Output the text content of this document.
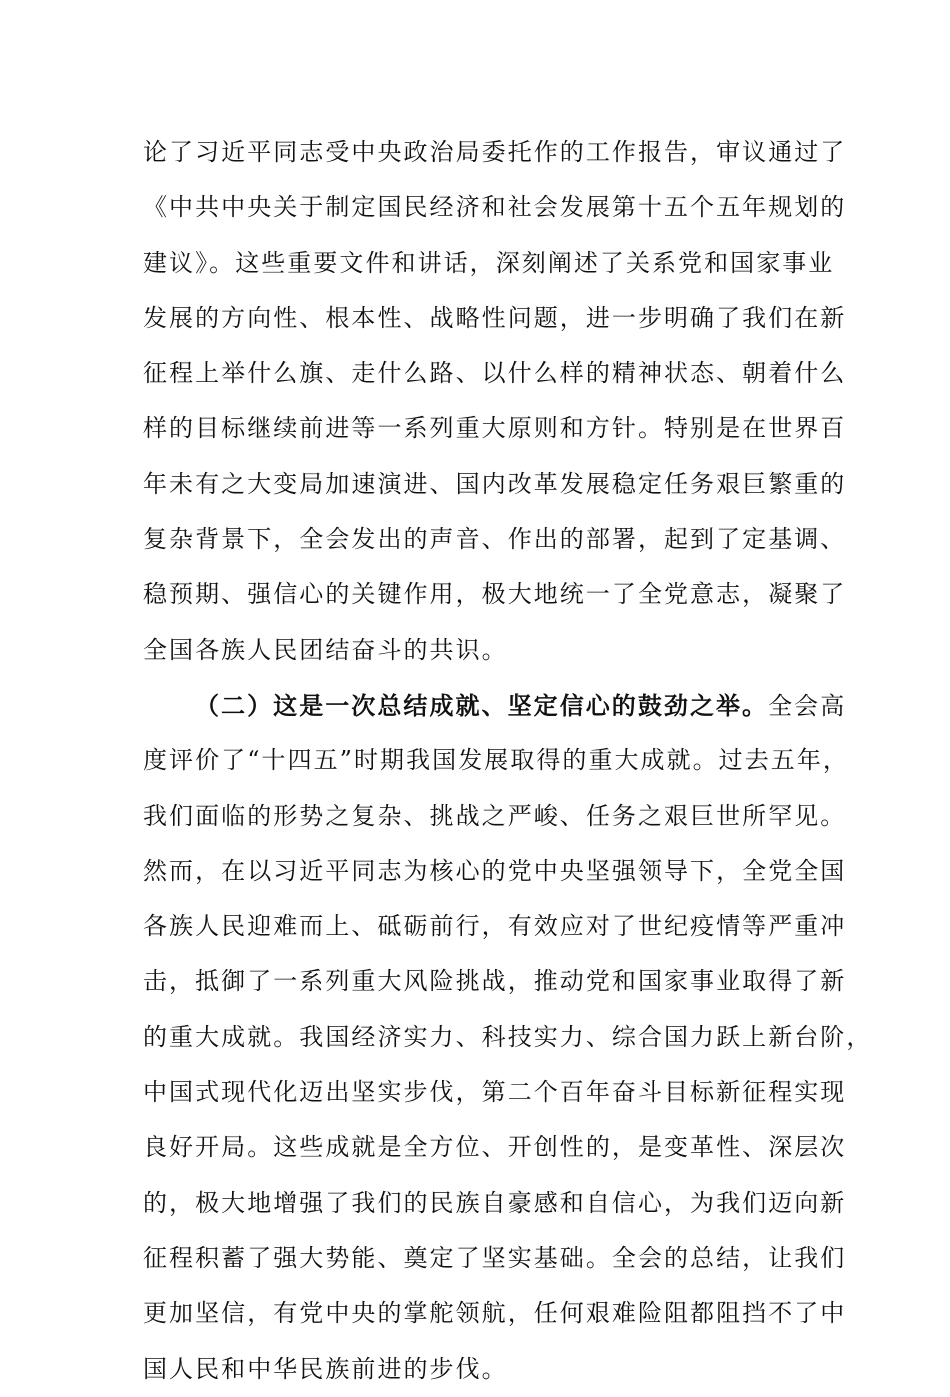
论了习近平同志受中央政治局委托作的工作报告，审议通过了
《中共中央关于制定国民经济和社会发展第十五个五年规划的
建议》。这些重要文件和讲话，深刻阐述了关系党和国家事业
发展的方向性、根本性、战略性问题，进一步明确了我们在新
征程上举什么旗、走什么路、以什么样的精神状态、朝着什么
样的目标继续前进等一系列重大原则和方针。特别是在世界百
年未有之大变局加速演进、国内改革发展稳定任务艰巨繁重的
复杂背景下，全会发出的声音、作出的部署，起到了定基调、
稳预期、强信心的关键作用，极大地统一了全党意志，凝聚了
全国各族人民团结奋斗的共识。
（二）这是一次总结成就、坚定信心的鼓劲之举。全会高
度评价了“十四五”时期我国发展取得的重大成就。过去五年，
我们面临的形势之复杂、挑战之严峻、任务之艰巨世所罕见。
然而，在以习近平同志为核心的党中央坚强领导下，全党全国
各族人民迎难而上、砥砺前行，有效应对了世纪疫情等严重冲
击，抵御了一系列重大风险挑战，推动党和国家事业取得了新
的重大成就。我国经济实力、科技实力、综合国力跃上新台阶，
中国式现代化迈出坚实步伐，第二个百年奋斗目标新征程实现
良好开局。这些成就是全方位、开创性的，是变革性、深层次
的，极大地增强了我们的民族自豪感和自信心，为我们迈向新
征程积蓄了强大势能、奠定了坚实基础。全会的总结，让我们
更加坚信，有党中央的掌舵领航，任何艰难险阻都阻挡不了中
国人民和中华民族前进的步伐。
